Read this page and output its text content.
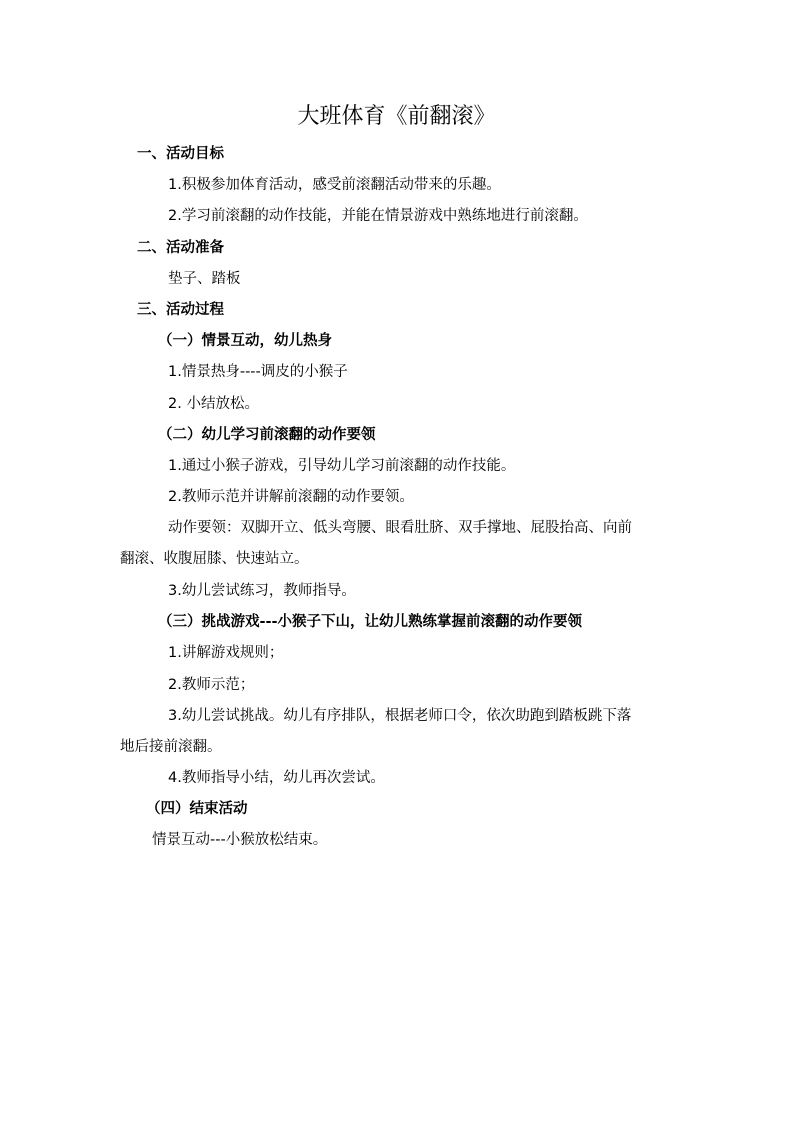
大班体育《前翻滚》
一、活动目标
1.积极参加体育活动，感受前滚翻活动带来的乐趣。
2.学习前滚翻的动作技能，并能在情景游戏中熟练地进行前滚翻。
二、活动准备
垫子、踏板
三、活动过程
（一）情景互动，幼儿热身
1.情景热身----调皮的小猴子
2. 小结放松。
（二）幼儿学习前滚翻的动作要领
1.通过小猴子游戏，引导幼儿学习前滚翻的动作技能。
2.教师示范并讲解前滚翻的动作要领。
动作要领：双脚开立、低头弯腰、眼看肚脐、双手撑地、屁股抬高、向前
翻滚、收腹屈膝、快速站立。
3.幼儿尝试练习，教师指导。
（三）挑战游戏---小猴子下山，让幼儿熟练掌握前滚翻的动作要领
1.讲解游戏规则；
2.教师示范；
3.幼儿尝试挑战。幼儿有序排队，根据老师口令，依次助跑到踏板跳下落
地后接前滚翻。
4.教师指导小结，幼儿再次尝试。
（四）结束活动
情景互动---小猴放松结束。
